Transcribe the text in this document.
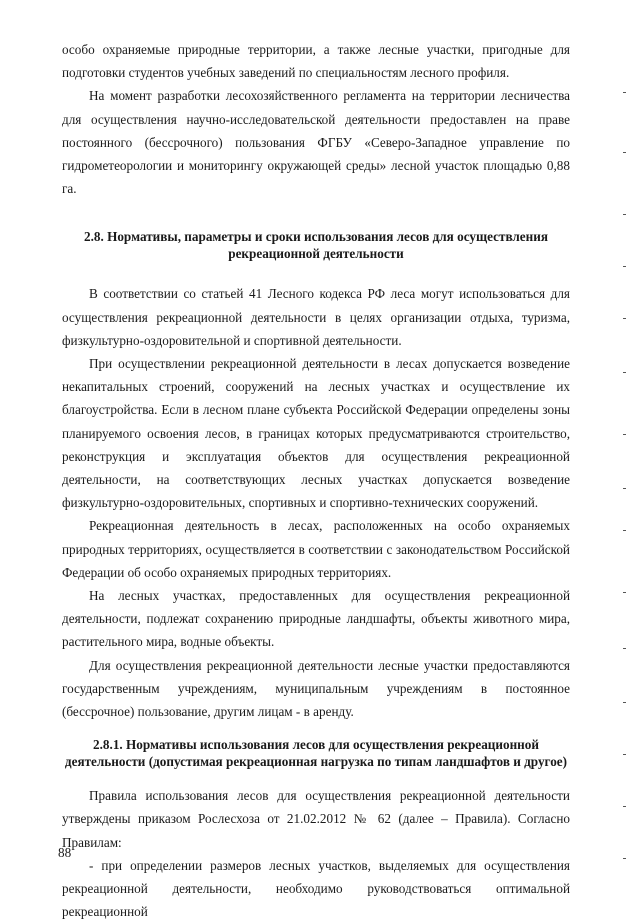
особо охраняемые природные территории, а также лесные участки, пригодные для подготовки студентов учебных заведений по специальностям лесного профиля.

На момент разработки лесохозяйственного регламента на территории лесничества для осуществления научно-исследовательской деятельности предоставлен на праве постоянного (бессрочного) пользования ФГБУ «Северо-Западное управление по гидрометеорологии и мониторингу окружающей среды» лесной участок площадью 0,88 га.

2.8. Нормативы, параметры и сроки использования лесов для осуществления рекреационной деятельности

В соответствии со статьей 41 Лесного кодекса РФ леса могут использоваться для осуществления рекреационной деятельности в целях организации отдыха, туризма, физкультурно-оздоровительной и спортивной деятельности.

При осуществлении рекреационной деятельности в лесах допускается возведение некапитальных строений, сооружений на лесных участках и осуществление их благоустройства. Если в лесном плане субъекта Российской Федерации определены зоны планируемого освоения лесов, в границах которых предусматриваются строительство, реконструкция и эксплуатация объектов для осуществления рекреационной деятельности, на соответствующих лесных участках допускается возведение физкультурно-оздоровительных, спортивных и спортивно-технических сооружений.

Рекреационная деятельность в лесах, расположенных на особо охраняемых природных территориях, осуществляется в соответствии с законодательством Российской Федерации об особо охраняемых природных территориях.

На лесных участках, предоставленных для осуществления рекреационной деятельности, подлежат сохранению природные ландшафты, объекты животного мира, растительного мира, водные объекты.

Для осуществления рекреационной деятельности лесные участки предоставляются государственным учреждениям, муниципальным учреждениям в постоянное (бессрочное) пользование, другим лицам - в аренду.

2.8.1. Нормативы использования лесов для осуществления рекреационной деятельности (допустимая рекреационная нагрузка по типам ландшафтов и другое)

Правила использования лесов для осуществления рекреационной деятельности утверждены приказом Рослесхоза от 21.02.2012 № 62 (далее – Правила). Согласно Правилам:

- при определении размеров лесных участков, выделяемых для осуществления рекреационной деятельности, необходимо руководствоваться оптимальной рекреационной

88
